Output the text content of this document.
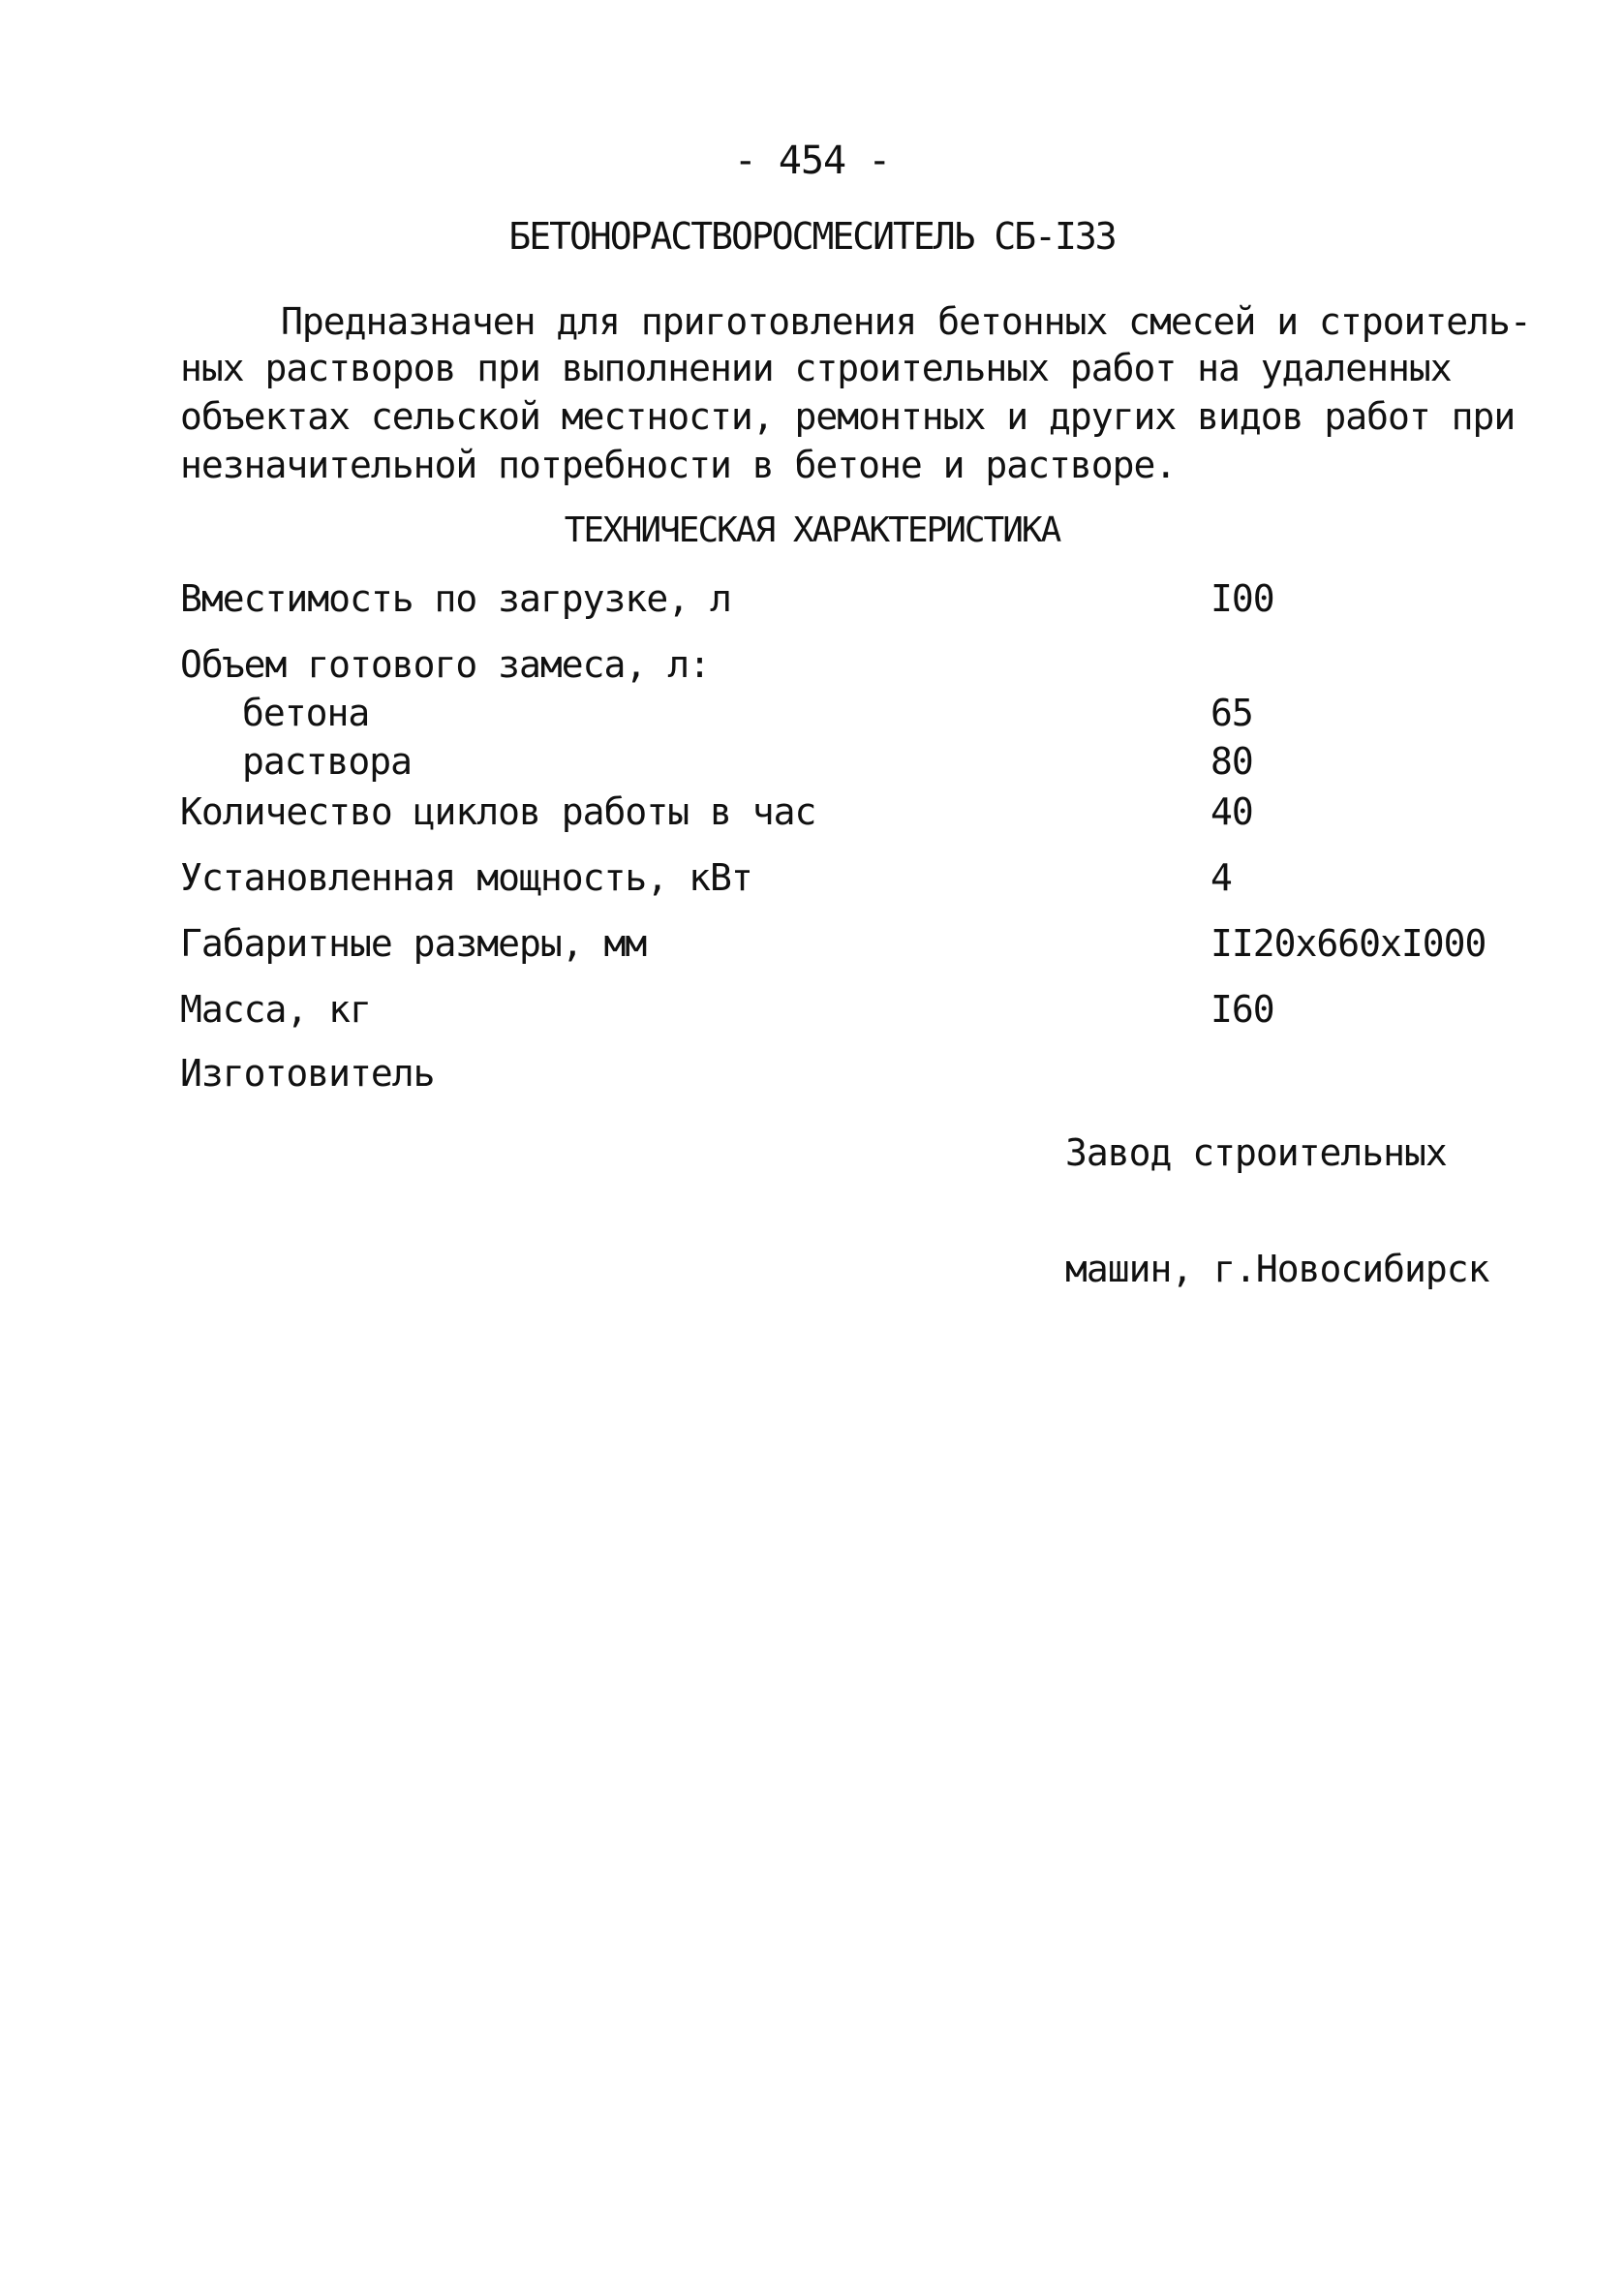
- 454 -
БЕТОНОРАСТВОРОСМЕСИТЕЛЬ СБ-I33
Предназначен для приготовления бетонных смесей и строитель-
ных растворов при выполнении строительных работ на удаленных
объектах сельской местности, ремонтных и других видов работ при
незначительной потребности в бетоне и растворе.
ТЕХНИЧЕСКАЯ ХАРАКТЕРИСТИКА
Вместимость по загрузке, л	I00
Объем готового замеса, л:
бетона	65
раствора	80
Количество циклов работы в час	40
Установленная мощность, кВт	4
Габаритные размеры, мм	II20x660xI000
Масса, кг	I60
Изготовитель

Завод строительных

машин, г.Новосибирск
